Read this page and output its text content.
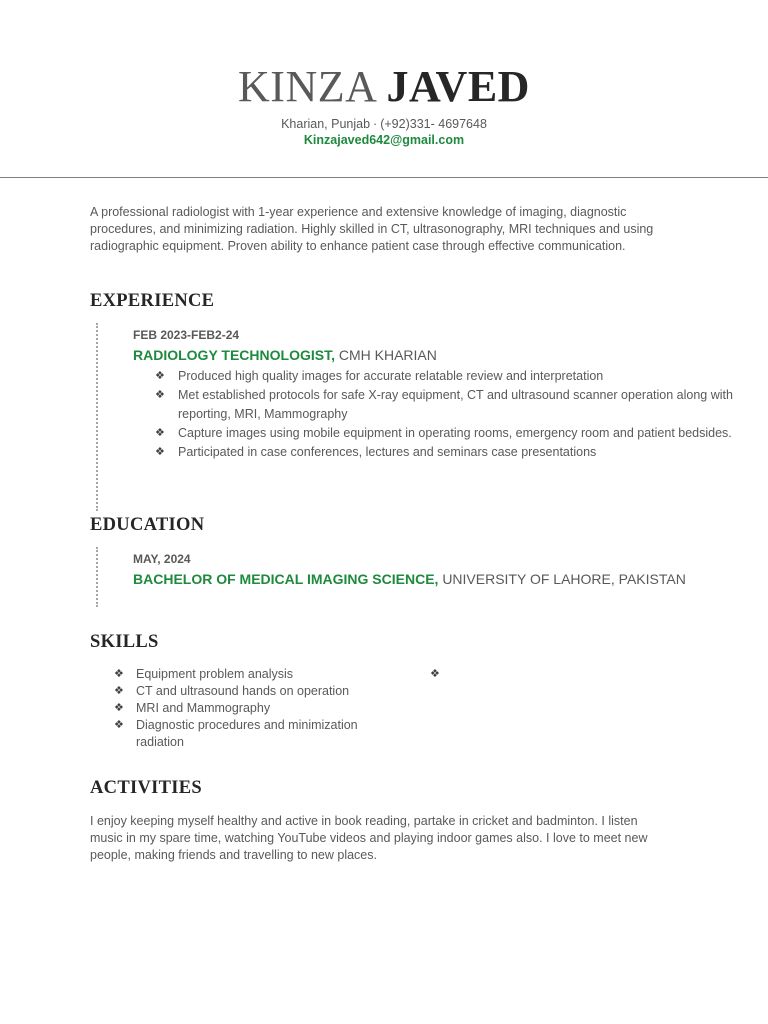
KINZA JAVED
Kharian, Punjab · (+92)331- 4697648
Kinzajaved642@gmail.com

A professional radiologist with 1-year experience and extensive knowledge of imaging, diagnostic procedures, and minimizing radiation. Highly skilled in CT, ultrasonography, MRI techniques and using radiographic equipment. Proven ability to enhance patient case through effective communication.

EXPERIENCE
FEB 2023-FEB2-24
RADIOLOGY TECHNOLOGIST, CMH KHARIAN
❖ Produced high quality images for accurate relatable review and interpretation
❖ Met established protocols for safe X-ray equipment, CT and ultrasound scanner operation along with reporting, MRI, Mammography
❖ Capture images using mobile equipment in operating rooms, emergency room and patient bedsides.
❖ Participated in case conferences, lectures and seminars case presentations
EDUCATION
MAY, 2024
BACHELOR OF MEDICAL IMAGING SCIENCE, UNIVERSITY OF LAHORE, PAKISTAN
SKILLS
❖ Equipment problem analysis
❖ CT and ultrasound hands on operation
❖ MRI and Mammography
❖ Diagnostic procedures and minimization radiation
❖
ACTIVITIES

I enjoy keeping myself healthy and active in book reading, partake in cricket and badminton. I listen music in my spare time, watching YouTube videos and playing indoor games also. I love to meet new people, making friends and travelling to new places.
